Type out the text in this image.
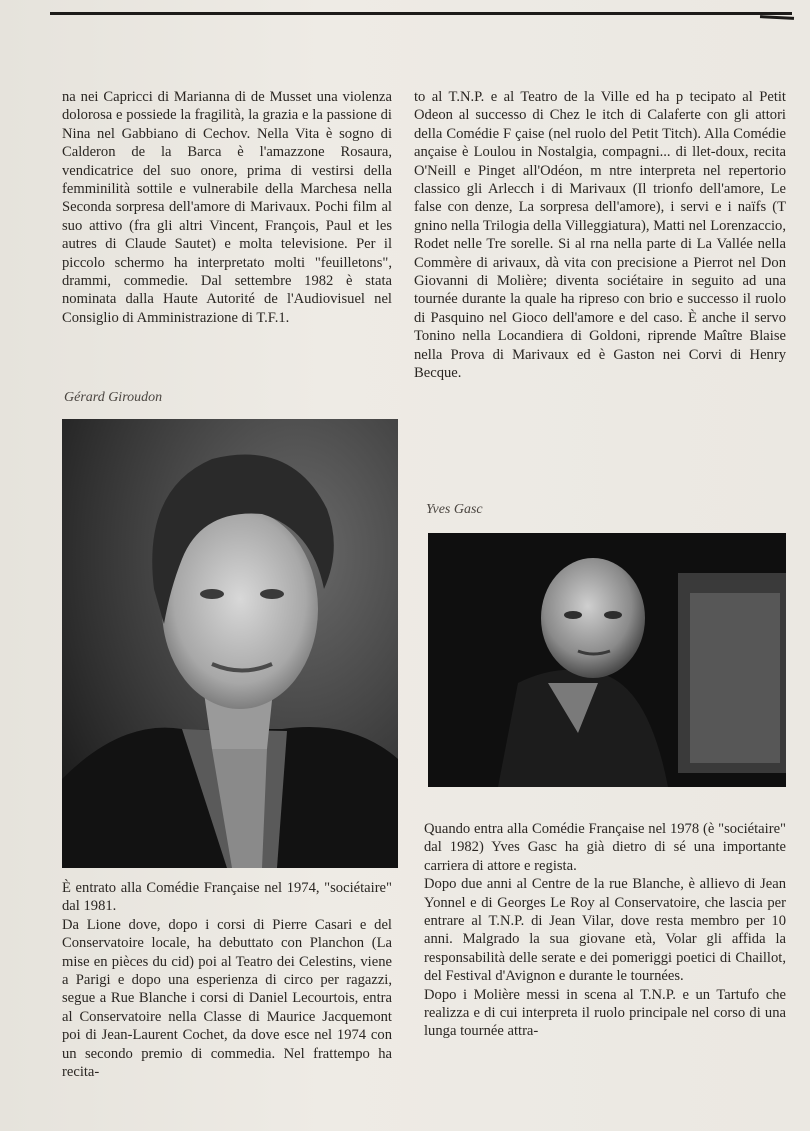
na nei Capricci di Marianna di de Musset una violenza dolorosa e possiede la fragilità, la grazia e la passione di Nina nel Gabbiano di Cechov. Nella Vita è sogno di Calderon de la Barca è l'amazzone Rosaura, vendicatrice del suo onore, prima di vestirsi della femminilità sottile e vulnerabile della Marchesa nella Seconda sorpresa dell'amore di Marivaux. Pochi film al suo attivo (fra gli altri Vincent, François, Paul et les autres di Claude Sautet) e molta televisione. Per il piccolo schermo ha interpretato molti "feuilletons", drammi, commedie. Dal settembre 1982 è stata nominata dalla Haute Autorité de l'Audiovisuel nel Consiglio di Amministrazione di T.F.1.

Gérard Giroudon

È entrato alla Comédie Française nel 1974, "sociétaire" dal 1981.

Da Lione dove, dopo i corsi di Pierre Casari e del Conservatoire locale, ha debuttato con Planchon (La mise en pièces du cid) poi al Teatro dei Celestins, viene a Parigi e dopo una esperienza di circo per ragazzi, segue a Rue Blanche i corsi di Daniel Lecourtois, entra al Conservatoire nella Classe di Maurice Jacquemont poi di Jean-Laurent Cochet, da dove esce nel 1974 con un secondo premio di commedia. Nel frattempo ha recita-

to al T.N.P. e al Teatro de la Ville ed ha p tecipato al Petit Odeon al successo di Chez le itch di Calaferte con gli attori della Comédie F çaise (nel ruolo del Petit Titch). Alla Comédie ançaise è Loulou in Nostalgia, compagni... di llet-doux, recita O'Neill e Pinget all'Odéon, m ntre interpreta nel repertorio classico gli Arlecch i di Marivaux (Il trionfo dell'amore, Le false con denze, La sorpresa dell'amore), i servi e i naïfs (T gnino nella Trilogia della Villeggiatura), Matti nel Lorenzaccio, Rodet nelle Tre sorelle. Si al rna nella parte di La Vallée nella Commère di arivaux, dà vita con precisione a Pierrot nel Don Giovanni di Molière; diventa sociétaire in seguito ad una tournée durante la quale ha ripreso con brio e successo il ruolo di Pasquino nel Gioco dell'amore e del caso. È anche il servo Tonino nella Locandiera di Goldoni, riprende Maître Blaise nella Prova di Marivaux ed è Gaston nei Corvi di Henry Becque.

Yves Gasc

Quando entra alla Comédie Française nel 1978 (è "sociétaire" dal 1982) Yves Gasc ha già dietro di sé una importante carriera di attore e regista.

Dopo due anni al Centre de la rue Blanche, è allievo di Jean Yonnel e di Georges Le Roy al Conservatoire, che lascia per entrare al T.N.P. di Jean Vilar, dove resta membro per 10 anni. Malgrado la sua giovane età, Volar gli affida la responsabilità delle serate e dei pomeriggi poetici di Chaillot, del Festival d'Avignon e durante le tournées.

Dopo i Molière messi in scena al T.N.P. e un Tartufo che realizza e di cui interpreta il ruolo principale nel corso di una lunga tournée attra-
